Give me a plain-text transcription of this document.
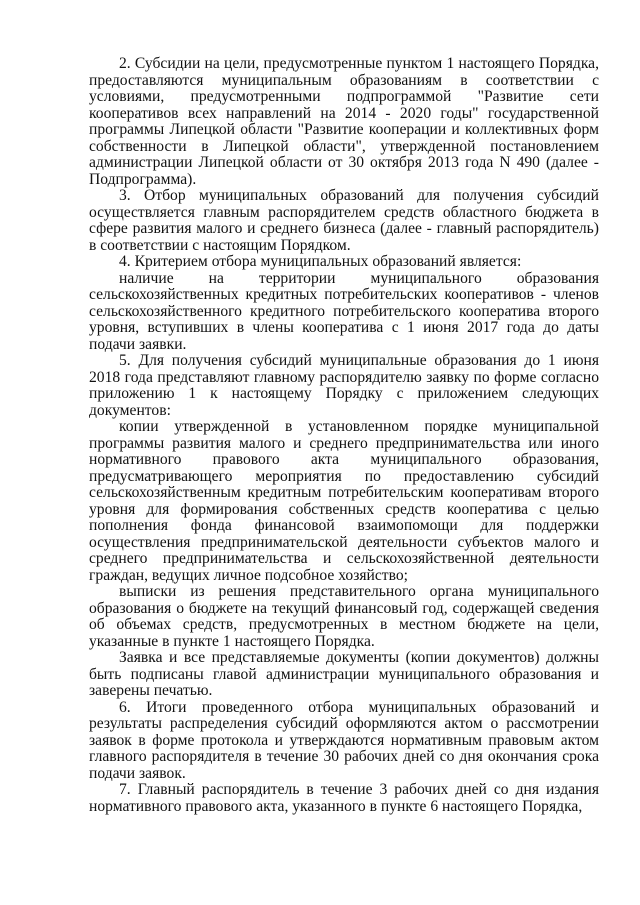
2. Субсидии на цели, предусмотренные пунктом 1 настоящего Порядка, предоставляются муниципальным образованиям в соответствии с условиями, предусмотренными подпрограммой "Развитие сети кооперативов всех направлений на 2014 - 2020 годы" государственной программы Липецкой области "Развитие кооперации и коллективных форм собственности в Липецкой области", утвержденной постановлением администрации Липецкой области от 30 октября 2013 года N 490 (далее - Подпрограмма).

3. Отбор муниципальных образований для получения субсидий осуществляется главным распорядителем средств областного бюджета в сфере развития малого и среднего бизнеса (далее - главный распорядитель) в соответствии с настоящим Порядком.

4. Критерием отбора муниципальных образований является:

наличие на территории муниципального образования сельскохозяйственных кредитных потребительских кооперативов - членов сельскохозяйственного кредитного потребительского кооператива второго уровня, вступивших в члены кооператива с 1 июня 2017 года до даты подачи заявки.

5. Для получения субсидий муниципальные образования до 1 июня 2018 года представляют главному распорядителю заявку по форме согласно приложению 1 к настоящему Порядку с приложением следующих документов:

копии утвержденной в установленном порядке муниципальной программы развития малого и среднего предпринимательства или иного нормативного правового акта муниципального образования, предусматривающего мероприятия по предоставлению субсидий сельскохозяйственным кредитным потребительским кооперативам второго уровня для формирования собственных средств кооператива с целью пополнения фонда финансовой взаимопомощи для поддержки осуществления предпринимательской деятельности субъектов малого и среднего предпринимательства и сельскохозяйственной деятельности граждан, ведущих личное подсобное хозяйство;

выписки из решения представительного органа муниципального образования о бюджете на текущий финансовый год, содержащей сведения об объемах средств, предусмотренных в местном бюджете на цели, указанные в пункте 1 настоящего Порядка.

Заявка и все представляемые документы (копии документов) должны быть подписаны главой администрации муниципального образования и заверены печатью.

6. Итоги проведенного отбора муниципальных образований и результаты распределения субсидий оформляются актом о рассмотрении заявок в форме протокола и утверждаются нормативным правовым актом главного распорядителя в течение 30 рабочих дней со дня окончания срока подачи заявок.

7. Главный распорядитель в течение 3 рабочих дней со дня издания нормативного правового акта, указанного в пункте 6 настоящего Порядка,
